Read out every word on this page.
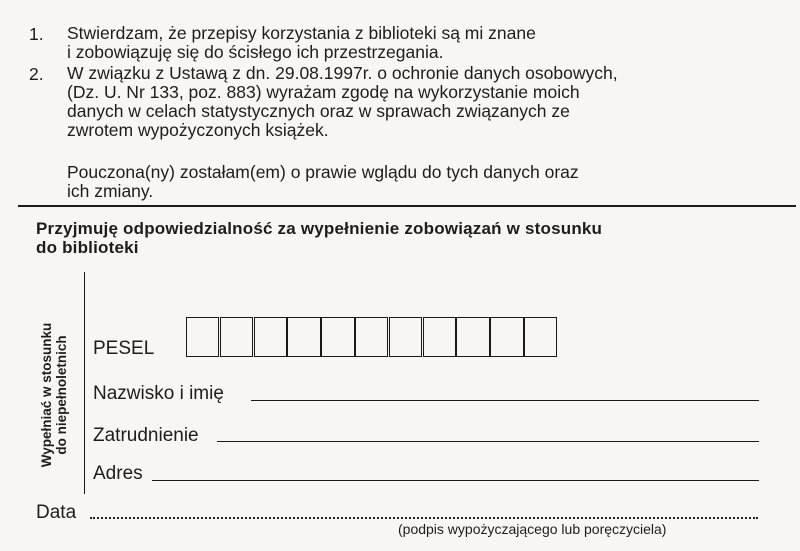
1. Stwierdzam, że przepisy korzystania z biblioteki są mi znane
i zobowiązuję się do ścisłego ich przestrzegania.
2. W związku z Ustawą z dn. 29.08.1997r. o ochronie danych osobowych,
(Dz. U. Nr 133, poz. 883) wyrażam zgodę na wykorzystanie moich
danych w celach statystycznych oraz w sprawach związanych ze
zwrotem wypożyczonych książek.
Pouczona(ny) zostałam(em) o prawie wglądu do tych danych oraz
ich zmiany.
Przyjmuję odpowiedzialność za wypełnienie zobowiązań w stosunku
do biblioteki
Wypełniać w stosunku do niepełnoletnich PESEL
Nazwisko i imię
Zatrudnienie
Adres
Data
(podpis wypożyczającego lub poręczyciela)
